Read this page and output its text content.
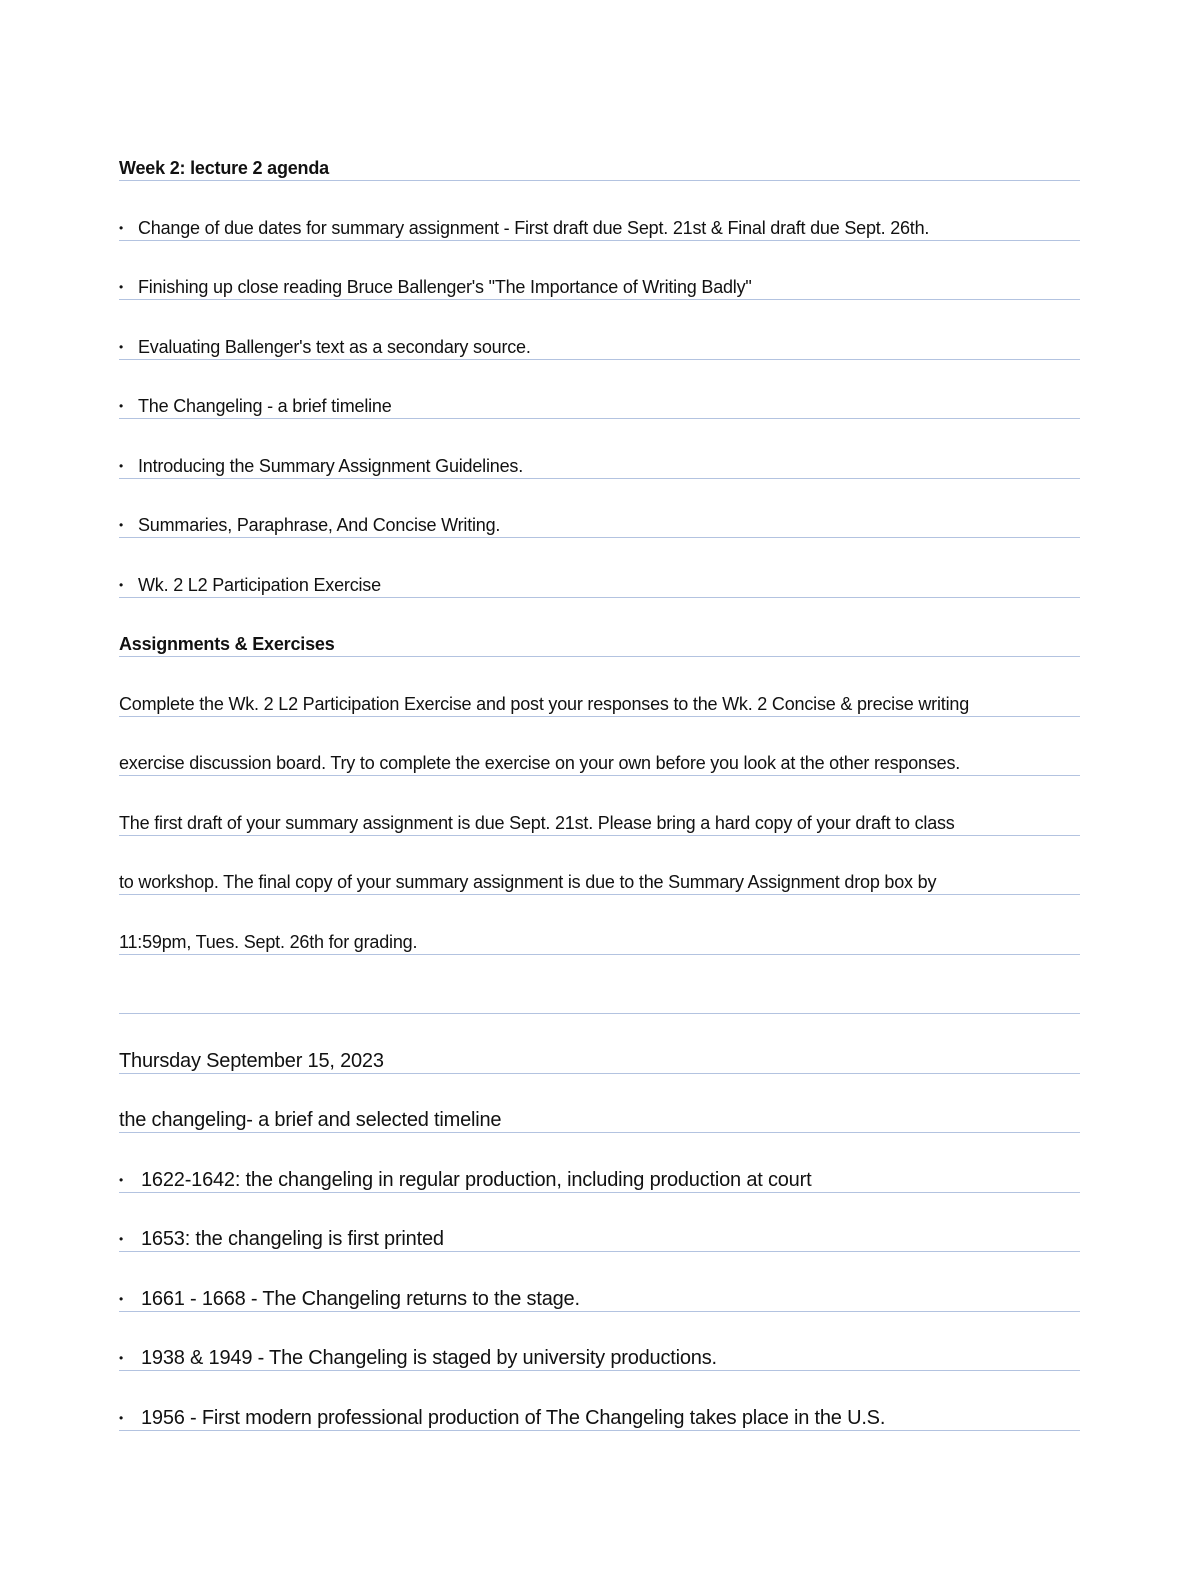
Week 2: lecture 2 agenda
• Change of due dates for summary assignment - First draft due Sept. 21st & Final draft due Sept. 26th.
• Finishing up close reading Bruce Ballenger's "The Importance of Writing Badly"
• Evaluating Ballenger's text as a secondary source.
• The Changeling - a brief timeline
• Introducing the Summary Assignment Guidelines.
• Summaries, Paraphrase, And Concise Writing.
• Wk. 2 L2 Participation Exercise
Assignments & Exercises
Complete the Wk. 2 L2 Participation Exercise and post your responses to the Wk. 2 Concise & precise writing
exercise discussion board. Try to complete the exercise on your own before you look at the other responses.
The first draft of your summary assignment is due Sept. 21st. Please bring a hard copy of your draft to class
to workshop. The final copy of your summary assignment is due to the Summary Assignment drop box by
11:59pm, Tues. Sept. 26th for grading.
Thursday September 15, 2023
the changeling- a brief and selected timeline
• 1622-1642: the changeling in regular production, including production at court
• 1653: the changeling is first printed
• 1661 - 1668 - The Changeling returns to the stage.
• 1938 & 1949 - The Changeling is staged by university productions.
• 1956 - First modern professional production of The Changeling takes place in the U.S.
